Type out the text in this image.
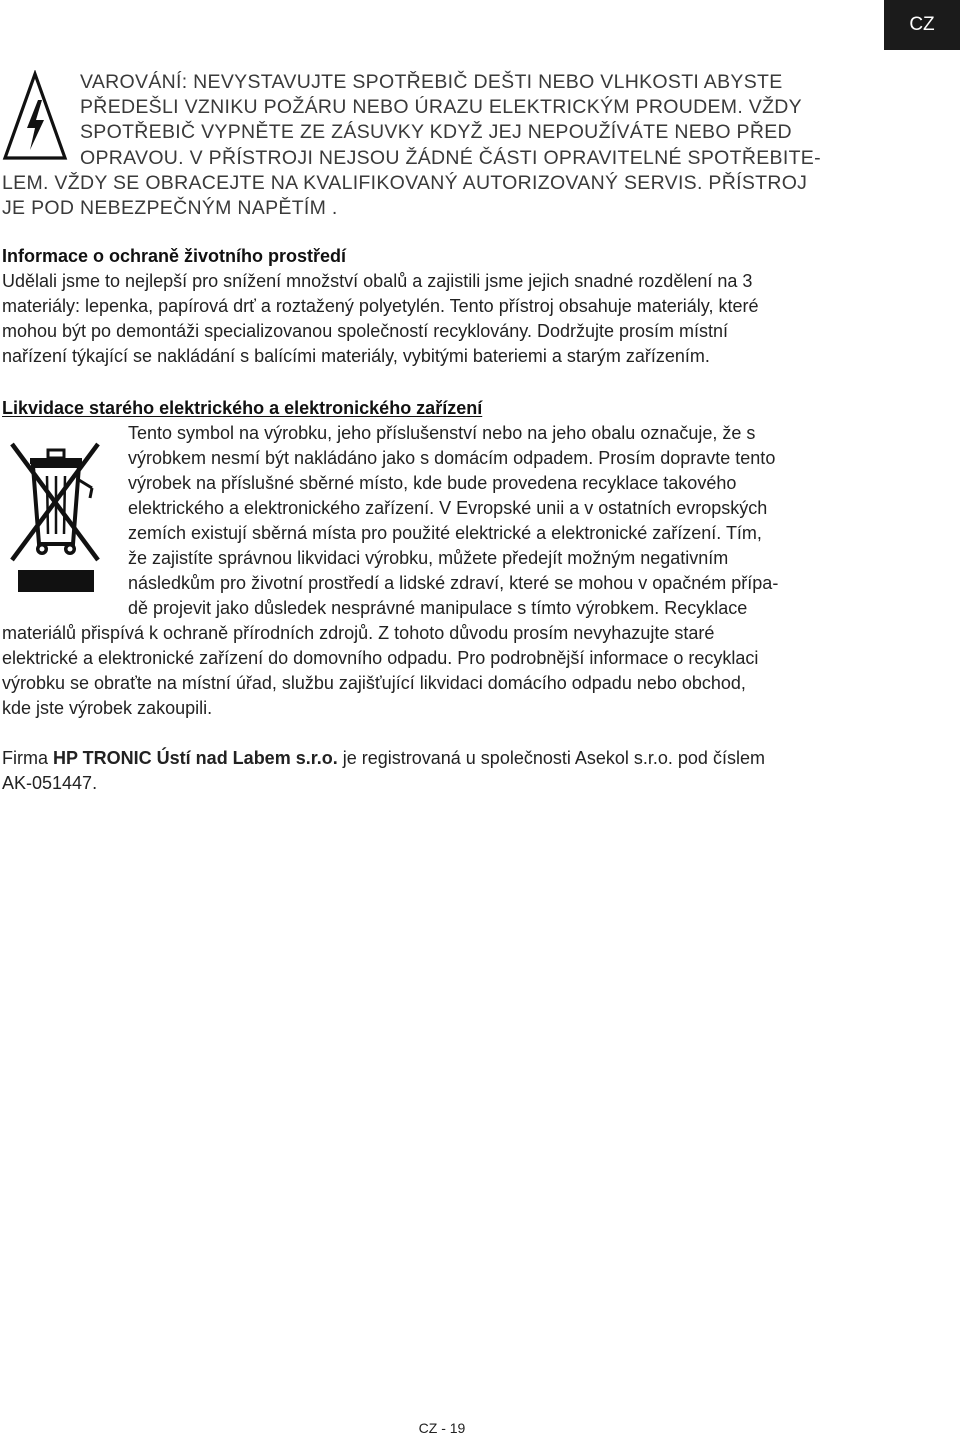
CZ
VAROVÁNÍ: NEVYSTAVUJTE SPOTŘEBIČ DEŠTI NEBO VLHKOSTI ABYSTE
PŘEDEŠLI VZNIKU POŽÁRU NEBO ÚRAZU ELEKTRICKÝM PROUDEM. VŽDY
SPOTŘEBIČ VYPNĚTE ZE ZÁSUVKY KDYŽ JEJ NEPOUŽÍVÁTE NEBO PŘED
OPRAVOU. V PŘÍSTROJI NEJSOU ŽÁDNÉ ČÁSTI OPRAVITELNÉ SPOTŘEBITE-
LEM. VŽDY SE OBRACEJTE NA KVALIFIKOVANÝ AUTORIZOVANÝ SERVIS. PŘÍSTROJ
JE POD NEBEZPEČNÝM NAPĚTÍM .
Informace o ochraně životního prostředí
Udělali jsme to nejlepší pro snížení množství obalů a zajistili jsme jejich snadné rozdělení na 3
materiály: lepenka, papírová drť a roztažený polyetylén. Tento přístroj obsahuje materiály, které
mohou být po demontáži specializovanou společností recyklovány. Dodržujte prosím místní
nařízení týkající se nakládání s balícími materiály, vybitými bateriemi a starým zařízením.
Likvidace starého elektrického a elektronického zařízení
Tento symbol na výrobku, jeho příslušenství nebo na jeho obalu označuje, že s
výrobkem nesmí být nakládáno jako s domácím odpadem. Prosím dopravte tento
výrobek na příslušné sběrné místo, kde bude provedena recyklace takového
elektrického a elektronického zařízení. V Evropské unii a v ostatních evropských
zemích existují sběrná místa pro použité elektrické a elektronické zařízení. Tím,
že zajistíte správnou likvidaci výrobku, můžete předejít možným negativním
následkům pro životní prostředí a lidské zdraví, které se mohou v opačném přípa-
dě projevit jako důsledek nesprávné manipulace s tímto výrobkem. Recyklace
materiálů přispívá k ochraně přírodních zdrojů. Z tohoto důvodu prosím nevyhazujte staré
elektrické a elektronické zařízení do domovního odpadu. Pro podrobnější informace o recyklaci
výrobku se obraťte na místní úřad, službu zajišťující likvidaci domácího odpadu nebo obchod,
kde jste výrobek zakoupili.
Firma HP TRONIC Ústí nad Labem s.r.o. je registrovaná u společnosti Asekol s.r.o. pod číslem
AK-051447.
CZ - 19
